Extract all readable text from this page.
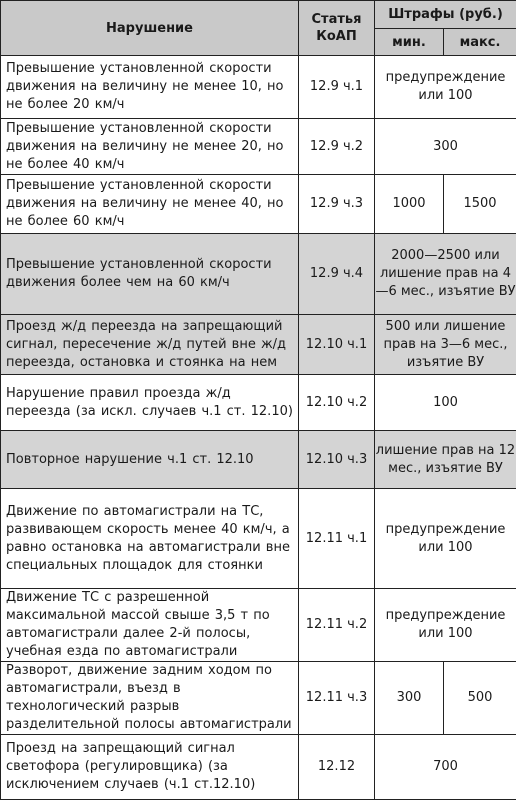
Нарушение	Статья КоАП	Штрафы (руб.)	
		мин.	макс.
Превышение установленной скорости движения на величину не менее 10, но не более 20 км/ч	12.9 ч.1	предупреждение или 100	
Превышение установленной скорости движения на величину не менее 20, но не более 40 км/ч	12.9 ч.2	300	
Превышение установленной скорости движения на величину не менее 40, но не более 60 км/ч	12.9 ч.3	1000	1500
Превышение установленной скорости движения более чем на 60 км/ч	12.9 ч.4	2000—2500 или лишение прав на 4—6 мес., изъятие ВУ	
Проезд ж/д переезда на запрещающий сигнал, пересечение ж/д путей вне ж/д переезда, остановка и стоянка на нем	12.10 ч.1	500 или лишение прав на 3—6 мес., изъятие ВУ	
Нарушение правил проезда ж/д переезда (за искл. случаев ч.1 ст. 12.10)	12.10 ч.2	100	
Повторное нарушение ч.1 ст. 12.10	12.10 ч.3	лишение прав на 12 мес., изъятие ВУ	
Движение по автомагистрали на ТС, развивающем скорость менее 40 км/ч, а равно остановка на автомагистрали вне специальных площадок для стоянки	12.11 ч.1	предупреждение или 100	
Движение ТС с разрешенной максимальной массой свыше 3,5 т по автомагистрали далее 2-й полосы, учебная езда по автомагистрали	12.11 ч.2	предупреждение или 100	
Разворот, движение задним ходом по автомагистрали, въезд в технологический разрыв разделительной полосы автомагистрали	12.11 ч.3	300	500
Проезд на запрещающий сигнал светофора (регулировщика) (за исключением случаев (ч.1 ст.12.10)	12.12	700	
